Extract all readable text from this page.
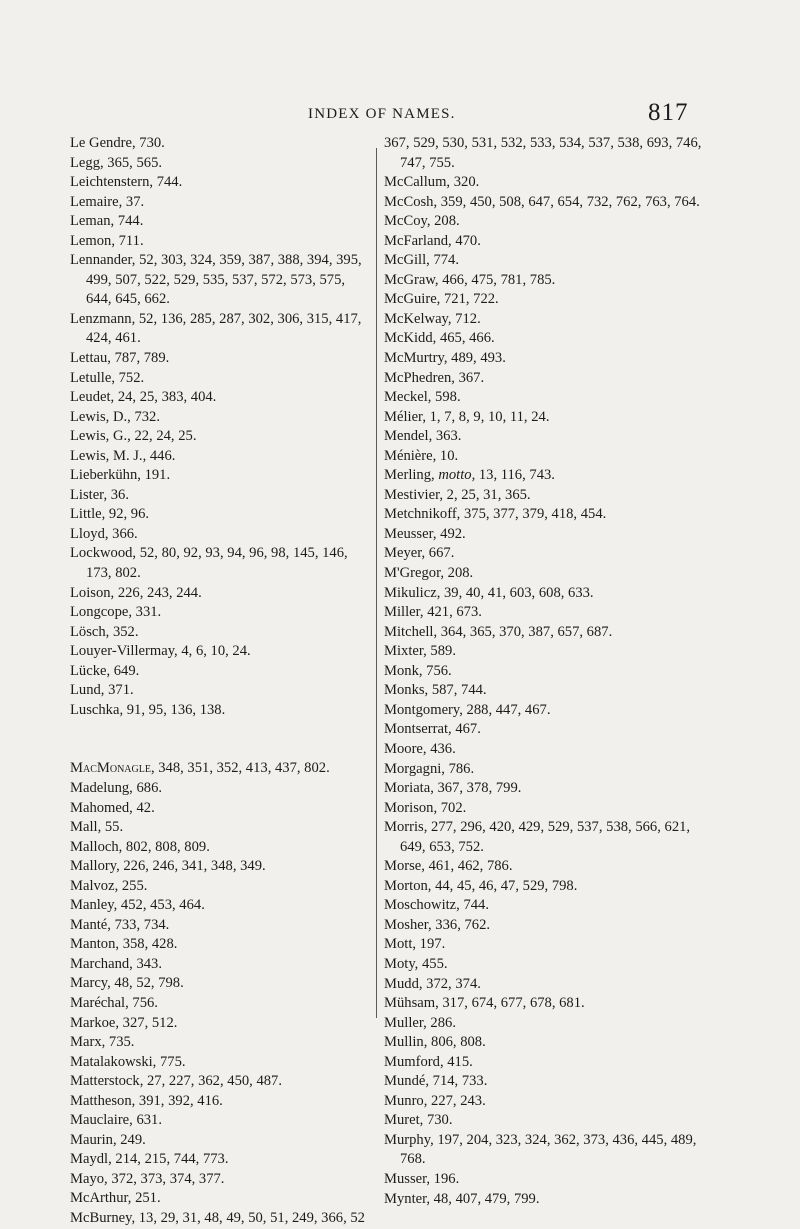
INDEX OF NAMES.	817
Le Gendre, 730.
Legg, 365, 565.
Leichtenstern, 744.
Lemaire, 37.
Leman, 744.
Lemon, 711.
Lennander, 52, 303, 324, 359, 387, 388, 394, 395, 499, 507, 522, 529, 535, 537, 572, 573, 575, 644, 645, 662.
Lenzmann, 52, 136, 285, 287, 302, 306, 315, 417, 424, 461.
Lettau, 787, 789.
Letulle, 752.
Leudet, 24, 25, 383, 404.
Lewis, D., 732.
Lewis, G., 22, 24, 25.
Lewis, M. J., 446.
Lieberkühn, 191.
Lister, 36.
Little, 92, 96.
Lloyd, 366.
Lockwood, 52, 80, 92, 93, 94, 96, 98, 145, 146, 173, 802.
Loison, 226, 243, 244.
Longcope, 331.
Lösch, 352.
Louyer-Villermay, 4, 6, 10, 24.
Lücke, 649.
Lund, 371.
Luschka, 91, 95, 136, 138.
MacMonagle, 348, 351, 352, 413, 437, 802.
Madelung, 686.
Mahomed, 42.
Mall, 55.
Malloch, 802, 808, 809.
Mallory, 226, 246, 341, 348, 349.
Malvoz, 255.
Manley, 452, 453, 464.
Manté, 733, 734.
Manton, 358, 428.
Marchand, 343.
Marcy, 48, 52, 798.
Maréchal, 756.
Markoe, 327, 512.
Marx, 735.
Matalakowski, 775.
Matterstock, 27, 227, 362, 450, 487.
Mattheson, 391, 392, 416.
Mauclaire, 631.
Maurin, 249.
Maydl, 214, 215, 744, 773.
Mayo, 372, 373, 374, 377.
McArthur, 251.
McBurney, 13, 29, 31, 48, 49, 50, 51, 249, 366, 52
367, 529, 530, 531, 532, 533, 534, 537, 538, 693, 746, 747, 755.
McCallum, 320.
McCosh, 359, 450, 508, 647, 654, 732, 762, 763, 764.
McCoy, 208.
McFarland, 470.
McGill, 774.
McGraw, 466, 475, 781, 785.
McGuire, 721, 722.
McKelway, 712.
McKidd, 465, 466.
McMurtry, 489, 493.
McPhedren, 367.
Meckel, 598.
Mélier, 1, 7, 8, 9, 10, 11, 24.
Mendel, 363.
Ménière, 10.
Merling, motto, 13, 116, 743.
Mestivier, 2, 25, 31, 365.
Metchnikoff, 375, 377, 379, 418, 454.
Meusser, 492.
Meyer, 667.
M'Gregor, 208.
Mikulicz, 39, 40, 41, 603, 608, 633.
Miller, 421, 673.
Mitchell, 364, 365, 370, 387, 657, 687.
Mixter, 589.
Monk, 756.
Monks, 587, 744.
Montgomery, 288, 447, 467.
Montserrat, 467.
Moore, 436.
Morgagni, 786.
Moriata, 367, 378, 799.
Morison, 702.
Morris, 277, 296, 420, 429, 529, 537, 538, 566, 621, 649, 653, 752.
Morse, 461, 462, 786.
Morton, 44, 45, 46, 47, 529, 798.
Moschowitz, 744.
Mosher, 336, 762.
Mott, 197.
Moty, 455.
Mudd, 372, 374.
Mühsam, 317, 674, 677, 678, 681.
Muller, 286.
Mullin, 806, 808.
Mumford, 415.
Mundé, 714, 733.
Munro, 227, 243.
Muret, 730.
Murphy, 197, 204, 323, 324, 362, 373, 436, 445, 489, 768.
Musser, 196.
Mynter, 48, 407, 479, 799.
